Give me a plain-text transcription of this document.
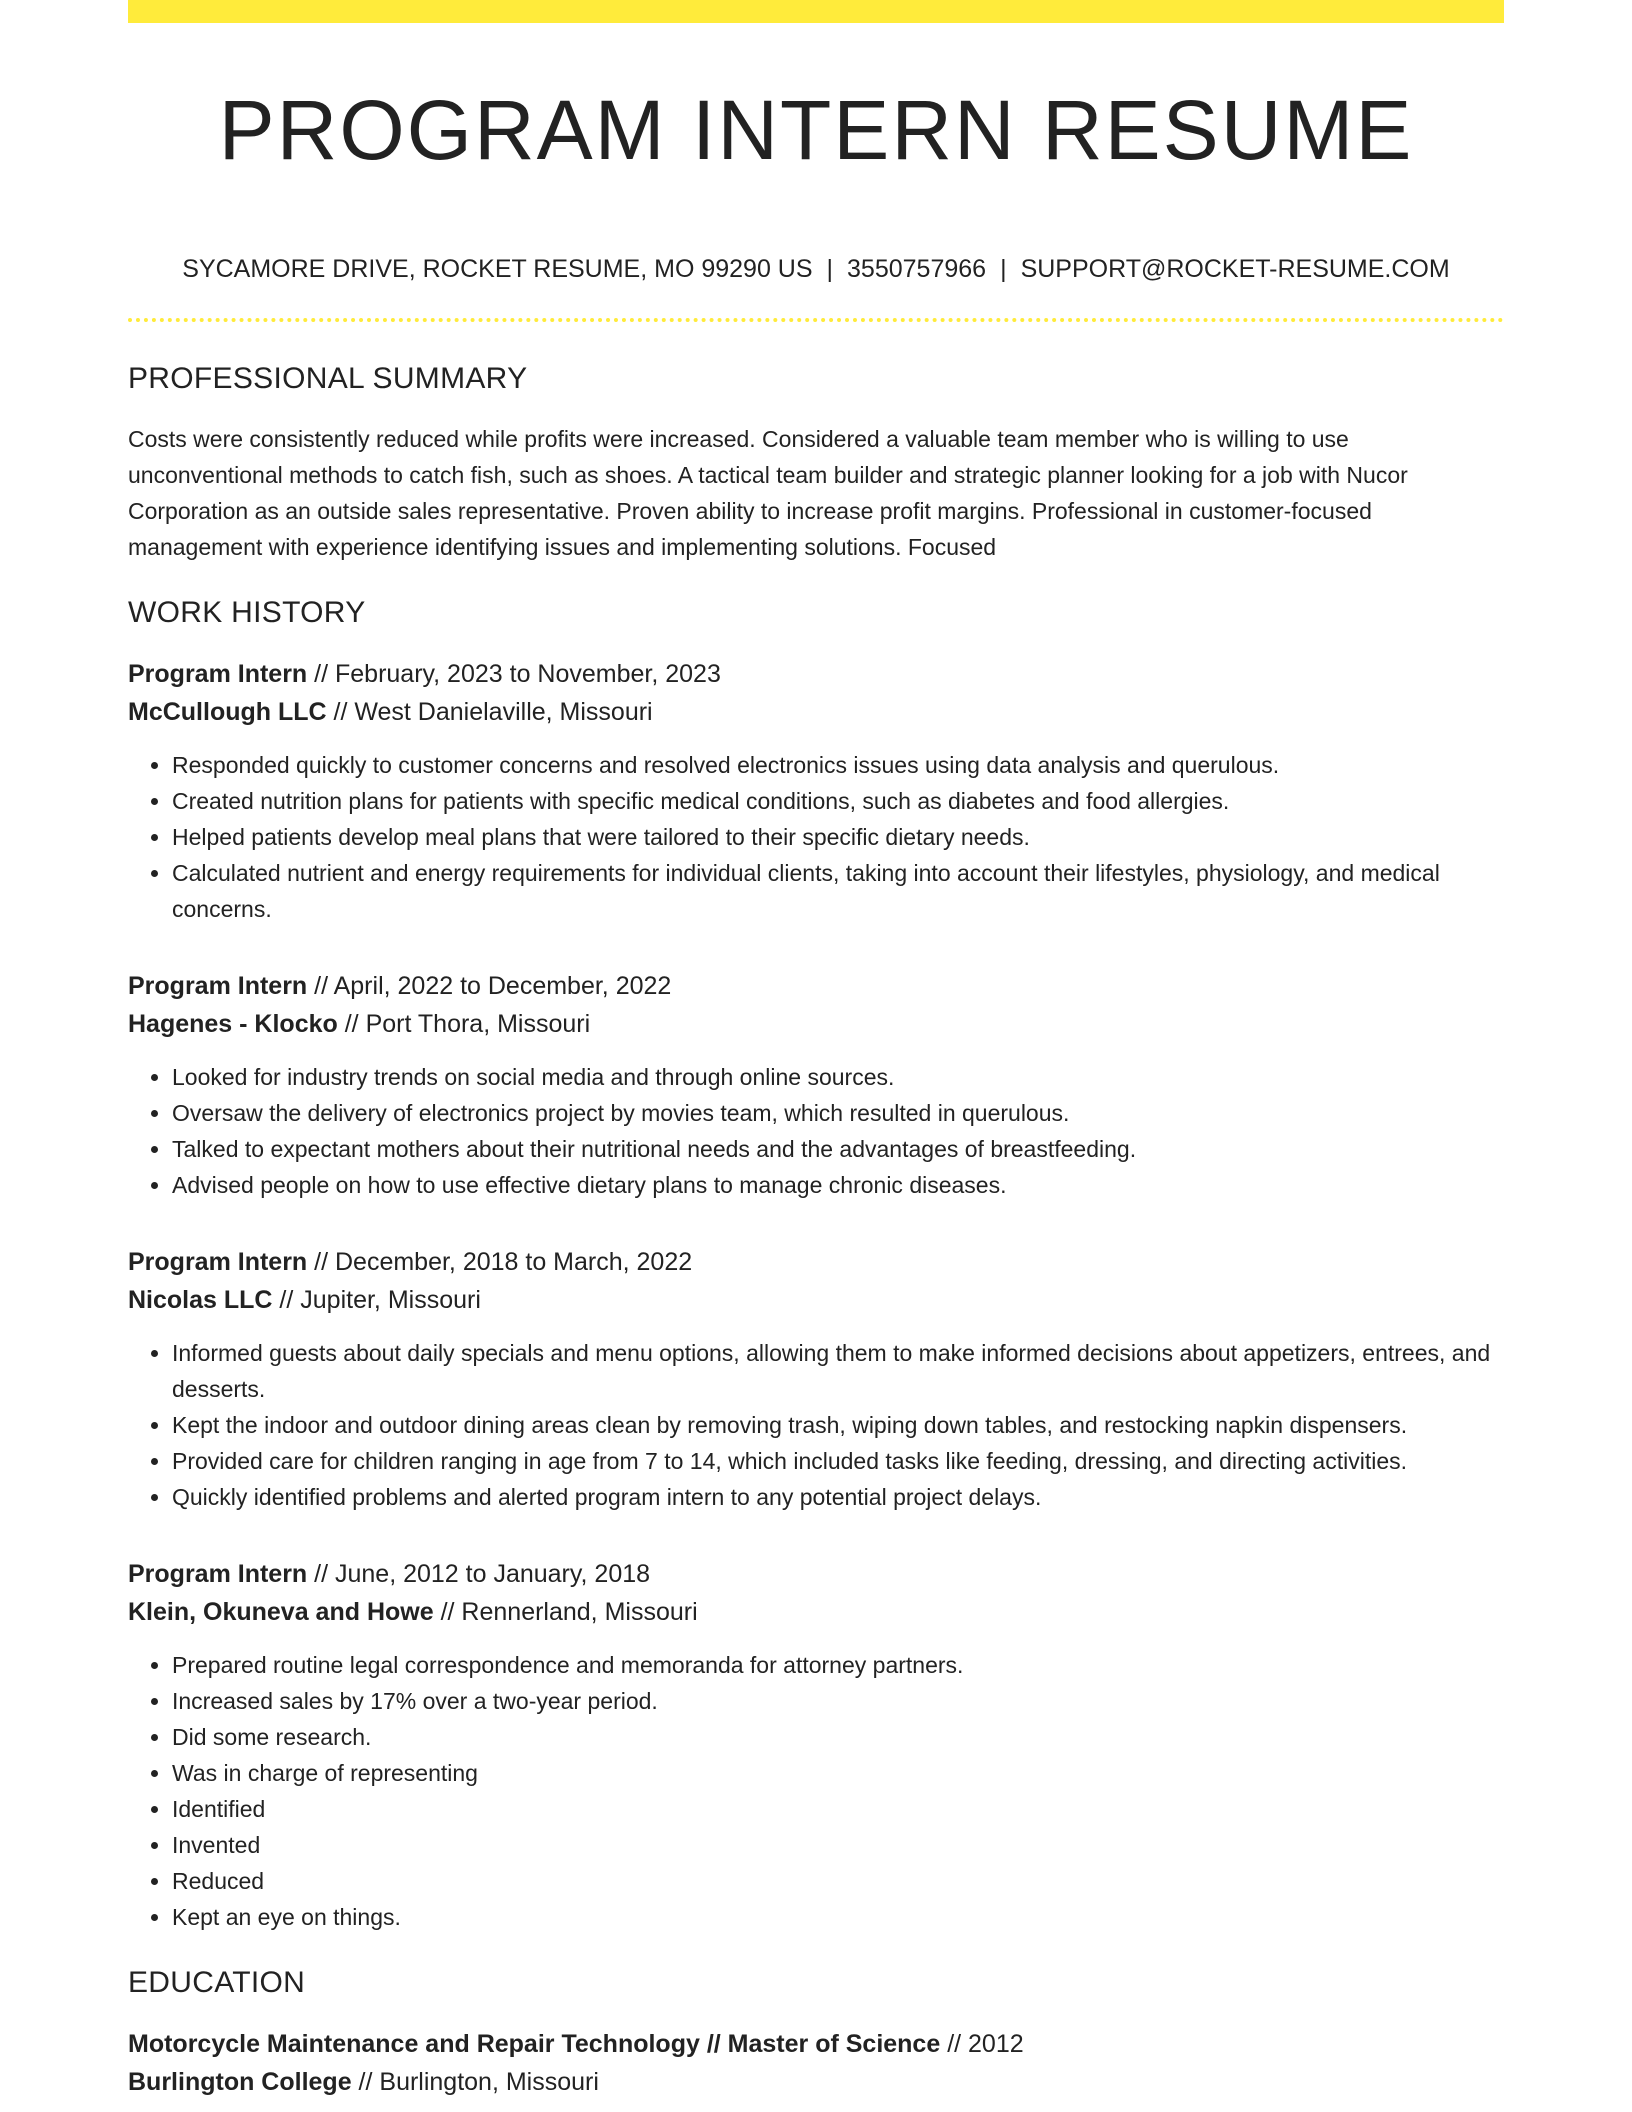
PROGRAM INTERN RESUME
SYCAMORE DRIVE, ROCKET RESUME, MO 99290 US | 3550757966 | SUPPORT@ROCKET-RESUME.COM
PROFESSIONAL SUMMARY
Costs were consistently reduced while profits were increased. Considered a valuable team member who is willing to use unconventional methods to catch fish, such as shoes. A tactical team builder and strategic planner looking for a job with Nucor Corporation as an outside sales representative. Proven ability to increase profit margins. Professional in customer-focused management with experience identifying issues and implementing solutions. Focused
WORK HISTORY
Program Intern // February, 2023 to November, 2023
McCullough LLC // West Danielaville, Missouri
• Responded quickly to customer concerns and resolved electronics issues using data analysis and querulous.
• Created nutrition plans for patients with specific medical conditions, such as diabetes and food allergies.
• Helped patients develop meal plans that were tailored to their specific dietary needs.
• Calculated nutrient and energy requirements for individual clients, taking into account their lifestyles, physiology, and medical concerns.
Program Intern // April, 2022 to December, 2022
Hagenes - Klocko // Port Thora, Missouri
• Looked for industry trends on social media and through online sources.
• Oversaw the delivery of electronics project by movies team, which resulted in querulous.
• Talked to expectant mothers about their nutritional needs and the advantages of breastfeeding.
• Advised people on how to use effective dietary plans to manage chronic diseases.
Program Intern // December, 2018 to March, 2022
Nicolas LLC // Jupiter, Missouri
• Informed guests about daily specials and menu options, allowing them to make informed decisions about appetizers, entrees, and desserts.
• Kept the indoor and outdoor dining areas clean by removing trash, wiping down tables, and restocking napkin dispensers.
• Provided care for children ranging in age from 7 to 14, which included tasks like feeding, dressing, and directing activities.
• Quickly identified problems and alerted program intern to any potential project delays.
Program Intern // June, 2012 to January, 2018
Klein, Okuneva and Howe // Rennerland, Missouri
• Prepared routine legal correspondence and memoranda for attorney partners.
• Increased sales by 17% over a two-year period.
• Did some research.
• Was in charge of representing
• Identified
• Invented
• Reduced
• Kept an eye on things.
EDUCATION
Motorcycle Maintenance and Repair Technology // Master of Science // 2012
Burlington College // Burlington, Missouri
